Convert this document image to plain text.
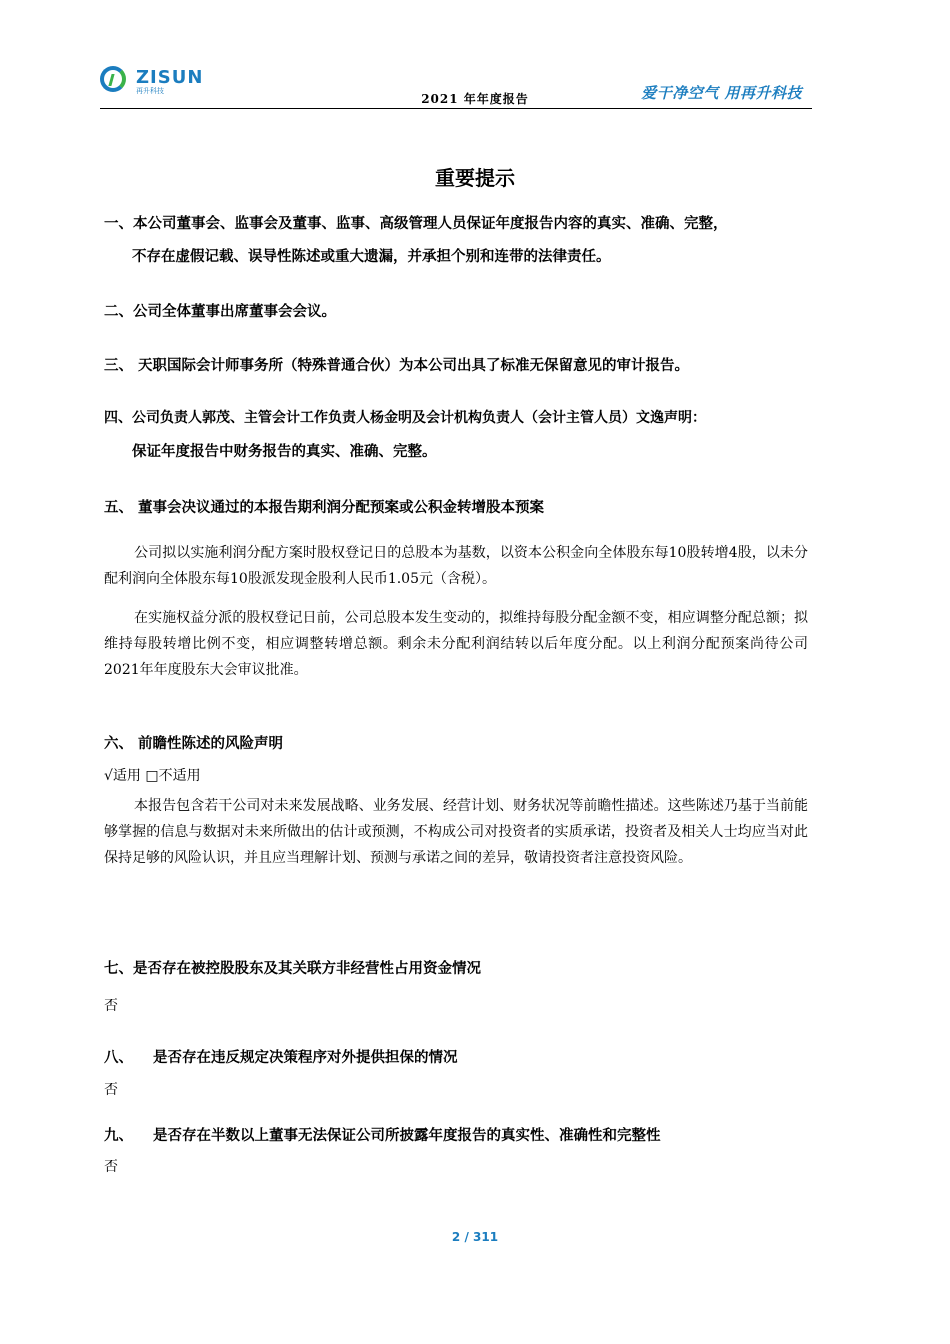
ZISUN
再升科技
2021 年年度报告	爱干净空气 用再升科技
重要提示
一、本公司董事会、监事会及董事、监事、高级管理人员保证年度报告内容的真实、准确、完整，
不存在虚假记载、误导性陈述或重大遗漏，并承担个别和连带的法律责任。
二、公司全体董事出席董事会会议。
三、 天职国际会计师事务所（特殊普通合伙）为本公司出具了标准无保留意见的审计报告。
四、公司负责人郭茂、主管会计工作负责人杨金明及会计机构负责人（会计主管人员）文逸声明：
保证年度报告中财务报告的真实、准确、完整。
五、 董事会决议通过的本报告期利润分配预案或公积金转增股本预案
公司拟以实施利润分配方案时股权登记日的总股本为基数，以资本公积金向全体股东每10股转增4股，以未分配利润向全体股东每10股派发现金股利人民币1.05元（含税）。
在实施权益分派的股权登记日前，公司总股本发生变动的，拟维持每股分配金额不变，相应调整分配总额；拟维持每股转增比例不变，相应调整转增总额。剩余未分配利润结转以后年度分配。以上利润分配预案尚待公司 2021年年度股东大会审议批准。
六、 前瞻性陈述的风险声明
√适用 □不适用
本报告包含若干公司对未来发展战略、业务发展、经营计划、财务状况等前瞻性描述。这些陈述乃基于当前能够掌握的信息与数据对未来所做出的估计或预测，不构成公司对投资者的实质承诺，投资者及相关人士均应当对此保持足够的风险认识，并且应当理解计划、预测与承诺之间的差异，敬请投资者注意投资风险。
七、是否存在被控股股东及其关联方非经营性占用资金情况
否
八、 是否存在违反规定决策程序对外提供担保的情况
否
九、 是否存在半数以上董事无法保证公司所披露年度报告的真实性、准确性和完整性
否
2 / 311
